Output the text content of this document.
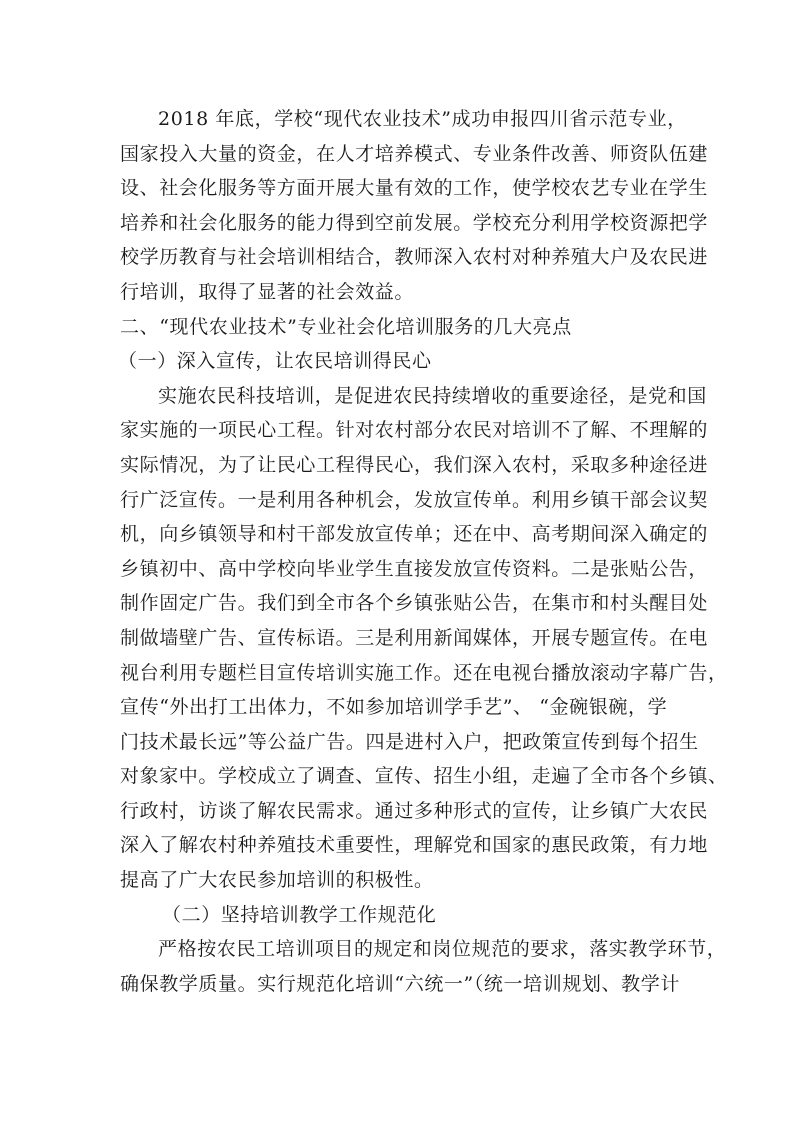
2018 年底，学校“现代农业技术”成功申报四川省示范专业，
国家投入大量的资金，在人才培养模式、专业条件改善、师资队伍建
设、社会化服务等方面开展大量有效的工作，使学校农艺专业在学生
培养和社会化服务的能力得到空前发展。学校充分利用学校资源把学
校学历教育与社会培训相结合，教师深入农村对种养殖大户及农民进
行培训，取得了显著的社会效益。
二、“现代农业技术”专业社会化培训服务的几大亮点
（一）深入宣传，让农民培训得民心
实施农民科技培训，是促进农民持续增收的重要途径，是党和国
家实施的一项民心工程。针对农村部分农民对培训不了解、不理解的
实际情况，为了让民心工程得民心，我们深入农村，采取多种途径进
行广泛宣传。一是利用各种机会，发放宣传单。利用乡镇干部会议契
机，向乡镇领导和村干部发放宣传单；还在中、高考期间深入确定的
乡镇初中、高中学校向毕业学生直接发放宣传资料。二是张贴公告，
制作固定广告。我们到全市各个乡镇张贴公告，在集市和村头醒目处
制做墙壁广告、宣传标语。三是利用新闻媒体，开展专题宣传。在电
视台利用专题栏目宣传培训实施工作。还在电视台播放滚动字幕广告，
宣传“外出打工出体力，不如参加培训学手艺”、 “金碗银碗，学
门技术最长远”等公益广告。四是进村入户，把政策宣传到每个招生
对象家中。学校成立了调查、宣传、招生小组，走遍了全市各个乡镇、
行政村，访谈了解农民需求。通过多种形式的宣传，让乡镇广大农民
深入了解农村种养殖技术重要性，理解党和国家的惠民政策，有力地
提高了广大农民参加培训的积极性。
（二）坚持培训教学工作规范化
严格按农民工培训项目的规定和岗位规范的要求，落实教学环节，
确保教学质量。实行规范化培训“六统一”（统一培训规划、教学计
